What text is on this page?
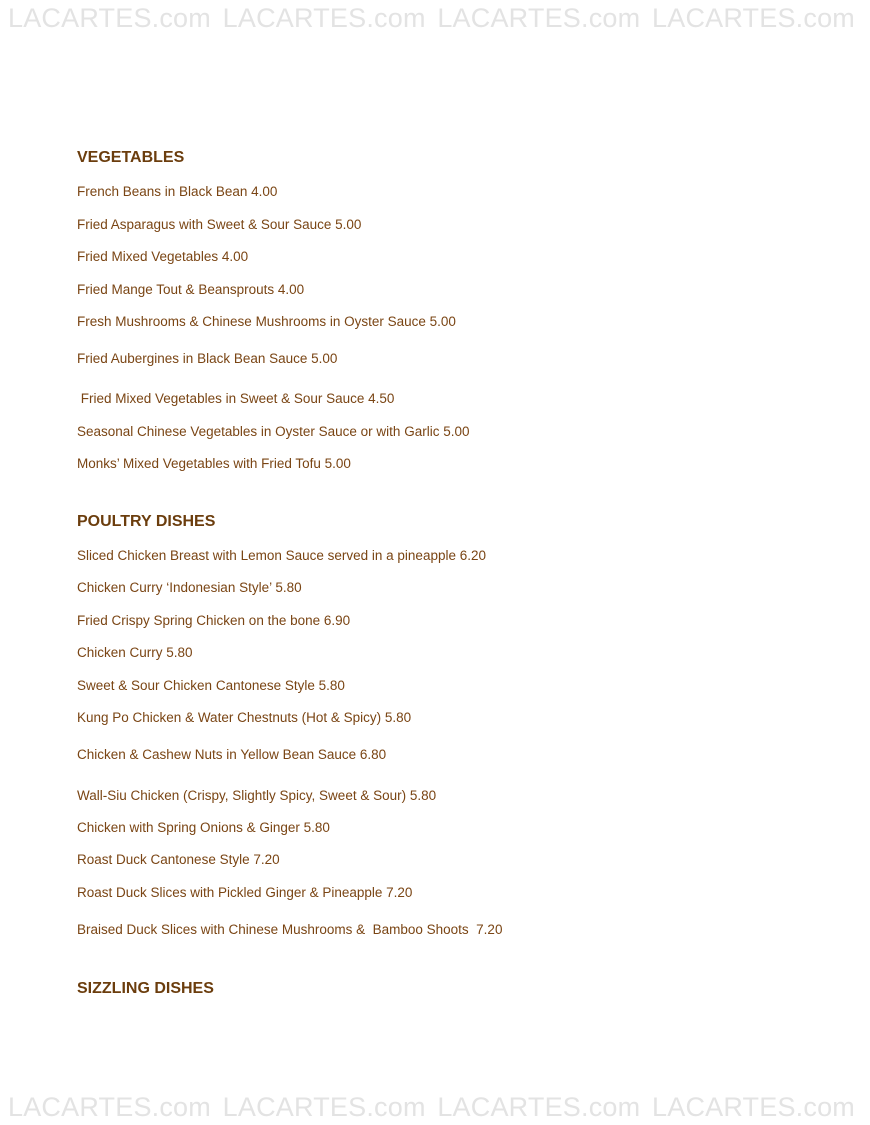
LACARTES.com LACARTES.com LACARTES.com LACARTES.com
LACARTES.com LACARTES.com LACARTES.com LACARTES.com
VEGETABLES

French Beans in Black Bean 4.00

Fried Asparagus with Sweet & Sour Sauce 5.00

Fried Mixed Vegetables 4.00

Fried Mange Tout & Beansprouts 4.00

Fresh Mushrooms & Chinese Mushrooms in Oyster Sauce 5.00

Fried Aubergines in Black Bean Sauce 5.00

Fried Mixed Vegetables in Sweet & Sour Sauce 4.50

Seasonal Chinese Vegetables in Oyster Sauce or with Garlic 5.00

Monks’ Mixed Vegetables with Fried Tofu 5.00

POULTRY DISHES

Sliced Chicken Breast with Lemon Sauce served in a pineapple 6.20

Chicken Curry ‘Indonesian Style’ 5.80

Fried Crispy Spring Chicken on the bone 6.90

Chicken Curry 5.80

Sweet & Sour Chicken Cantonese Style 5.80

Kung Po Chicken & Water Chestnuts (Hot & Spicy) 5.80

Chicken & Cashew Nuts in Yellow Bean Sauce 6.80

Wall-Siu Chicken (Crispy, Slightly Spicy, Sweet & Sour) 5.80

Chicken with Spring Onions & Ginger 5.80

Roast Duck Cantonese Style 7.20

Roast Duck Slices with Pickled Ginger & Pineapple 7.20

Braised Duck Slices with Chinese Mushrooms &  Bamboo Shoots  7.20

SIZZLING DISHES
